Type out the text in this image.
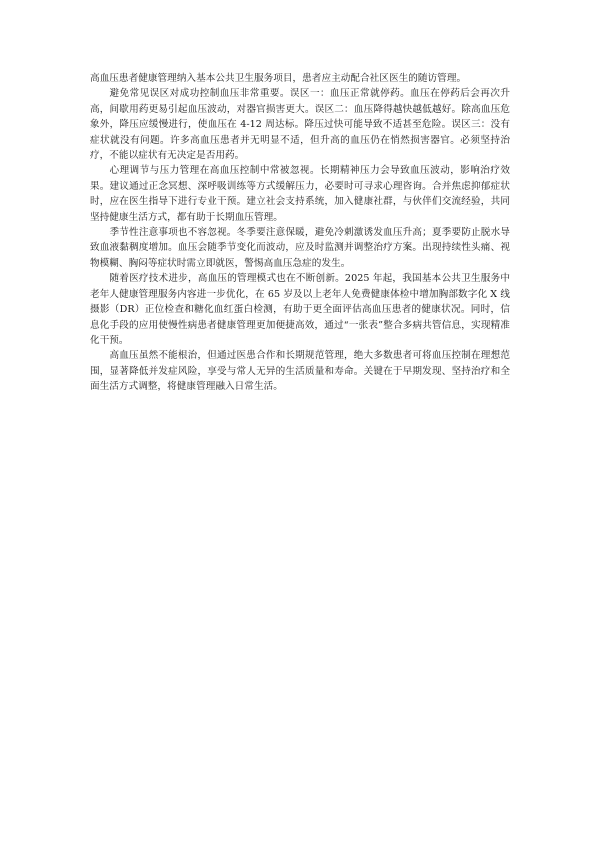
高血压患者健康管理纳入基本公共卫生服务项目，患者应主动配合社区医生的随访管理。

避免常见误区对成功控制血压非常重要。误区一：血压正常就停药。血压在停药后会再次升高，间歇用药更易引起血压波动，对器官损害更大。误区二：血压降得越快越低越好。除高血压危象外，降压应缓慢进行，使血压在 4-12 周达标。降压过快可能导致不适甚至危险。误区三：没有症状就没有问题。许多高血压患者并无明显不适，但升高的血压仍在悄然损害器官。必须坚持治疗，不能以症状有无决定是否用药。

心理调节与压力管理在高血压控制中常被忽视。长期精神压力会导致血压波动，影响治疗效果。建议通过正念冥想、深呼吸训练等方式缓解压力，必要时可寻求心理咨询。合并焦虑抑郁症状时，应在医生指导下进行专业干预。建立社会支持系统，加入健康社群，与伙伴们交流经验，共同坚持健康生活方式，都有助于长期血压管理。

季节性注意事项也不容忽视。冬季要注意保暖，避免冷刺激诱发血压升高；夏季要防止脱水导致血液黏稠度增加。血压会随季节变化而波动，应及时监测并调整治疗方案。出现持续性头痛、视物模糊、胸闷等症状时需立即就医，警惕高血压急症的发生。

随着医疗技术进步，高血压的管理模式也在不断创新。2025 年起，我国基本公共卫生服务中老年人健康管理服务内容进一步优化，在 65 岁及以上老年人免费健康体检中增加胸部数字化 X 线摄影（DR）正位检查和糖化血红蛋白检测，有助于更全面评估高血压患者的健康状况。同时，信息化手段的应用使慢性病患者健康管理更加便捷高效，通过“一张表”整合多病共管信息，实现精准化干预。

高血压虽然不能根治，但通过医患合作和长期规范管理，绝大多数患者可将血压控制在理想范围，显著降低并发症风险，享受与常人无异的生活质量和寿命。关键在于早期发现、坚持治疗和全面生活方式调整，将健康管理融入日常生活。
